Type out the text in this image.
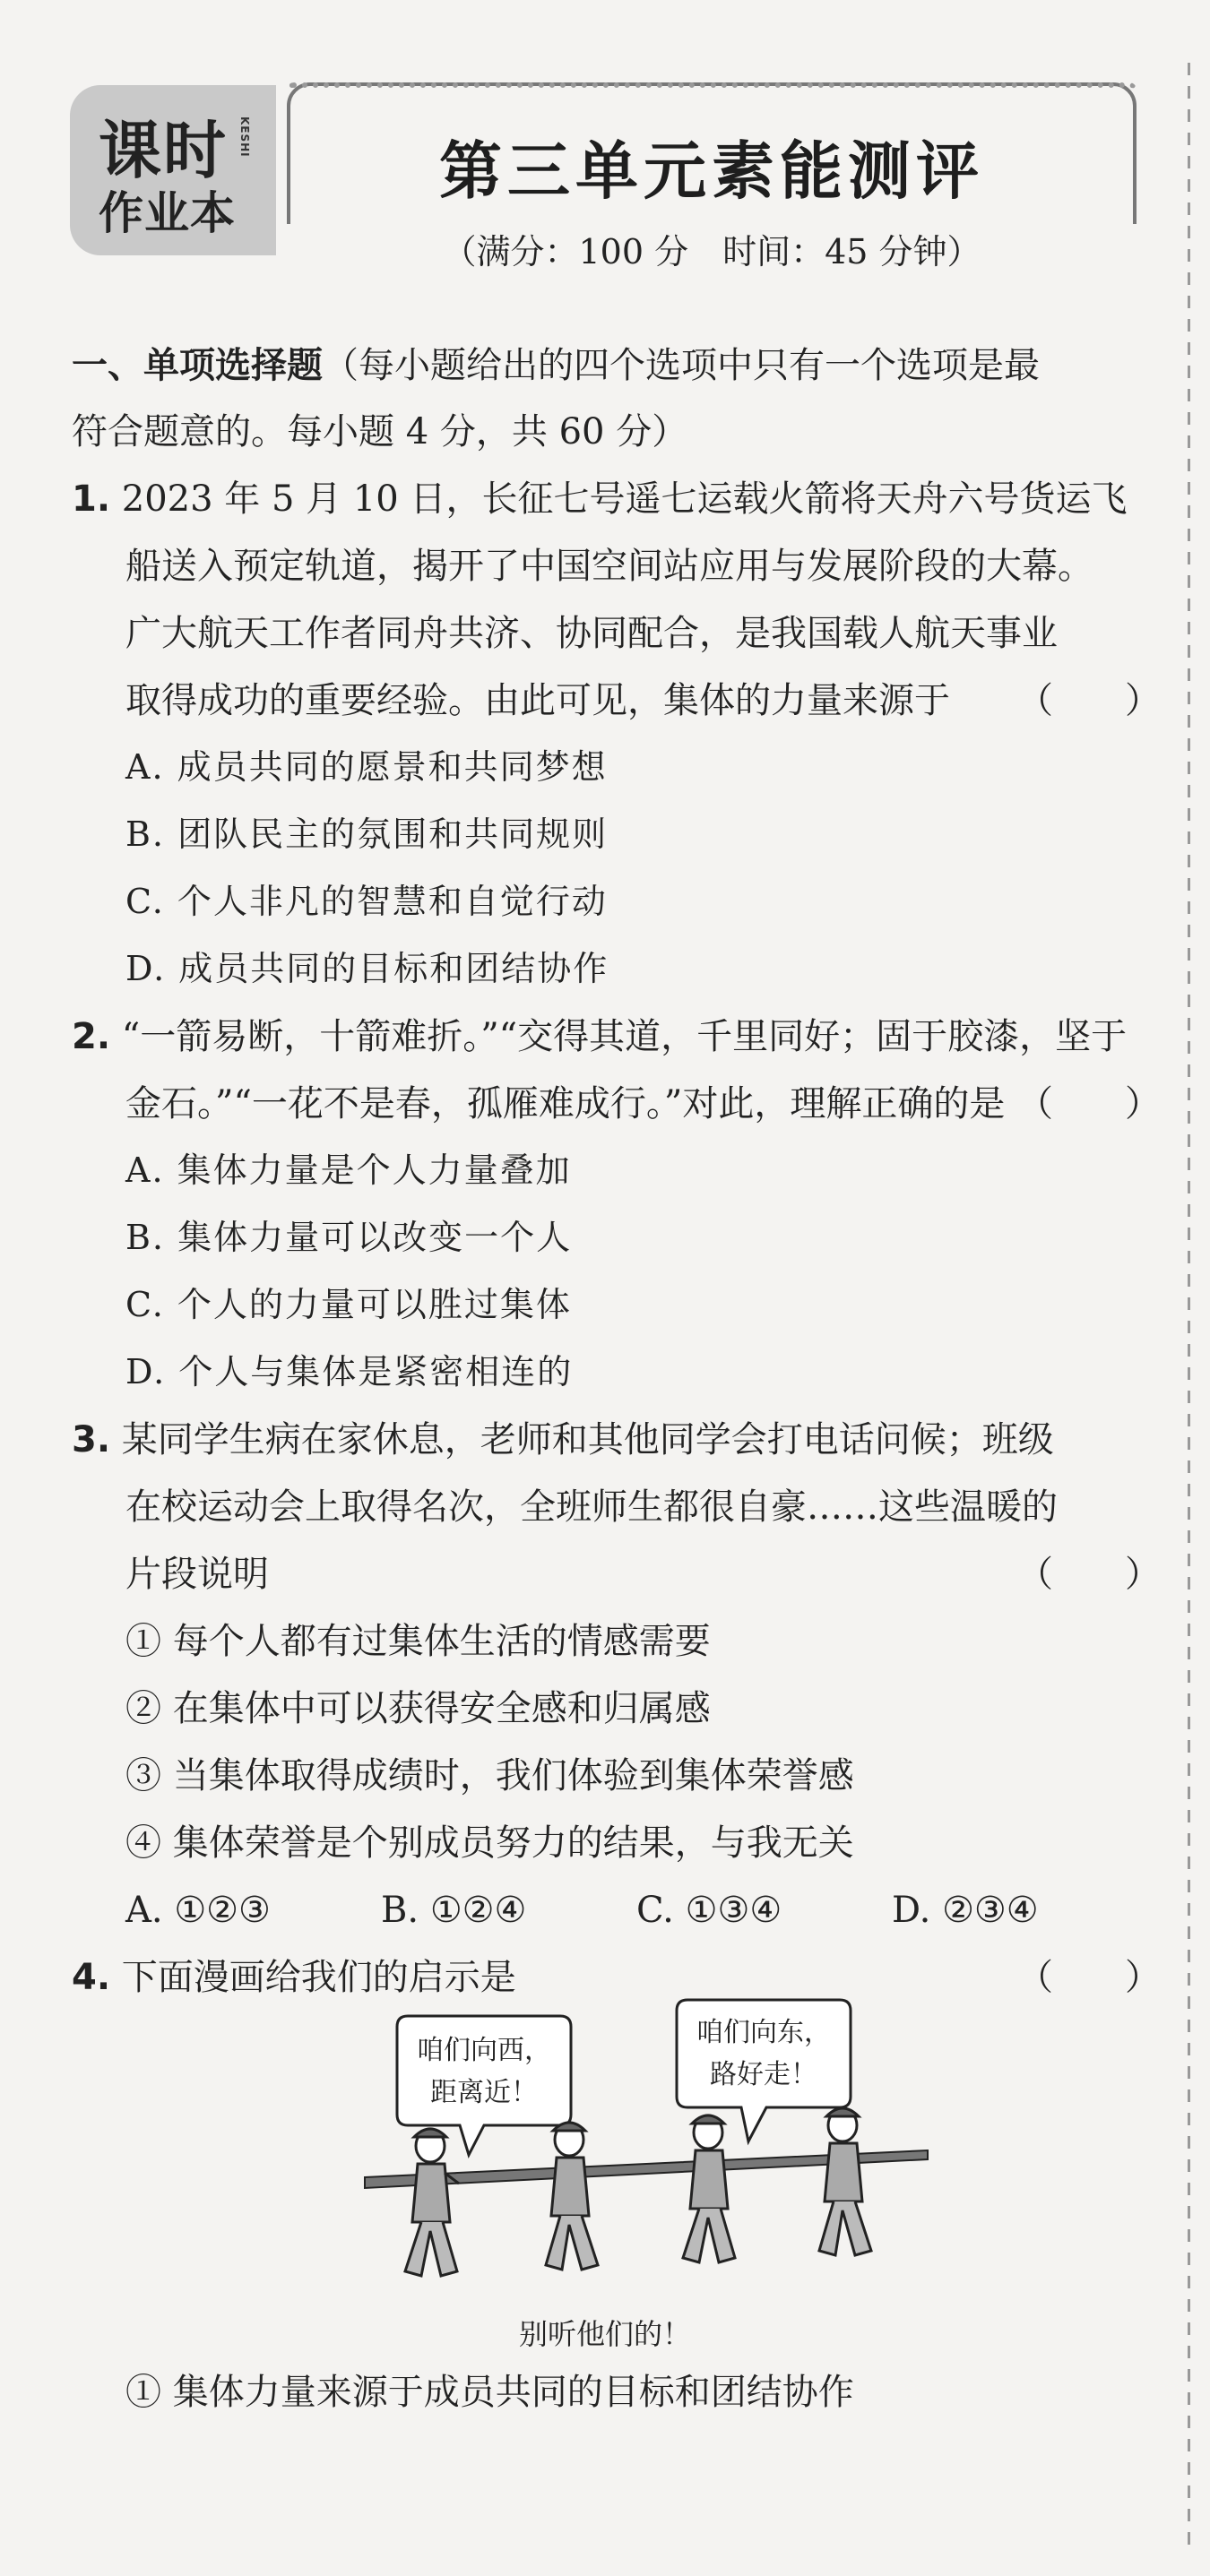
课时 KESHI
作业本
第三单元素能测评
（满分：100 分　时间：45 分钟）
一、单项选择题（每小题给出的四个选项中只有一个选项是最
符合题意的。每小题 4 分，共 60 分）
1. 2023 年 5 月 10 日，长征七号遥七运载火箭将天舟六号货运飞
船送入预定轨道，揭开了中国空间站应用与发展阶段的大幕。
广大航天工作者同舟共济、协同配合，是我国载人航天事业
取得成功的重要经验。由此可见，集体的力量来源于 （　　）
A. 成员共同的愿景和共同梦想
B. 团队民主的氛围和共同规则
C. 个人非凡的智慧和自觉行动
D. 成员共同的目标和团结协作
2. “一箭易断，十箭难折。”“交得其道，千里同好；固于胶漆，坚于
金石。”“一花不是春，孤雁难成行。”对此，理解正确的是 （　　）
A. 集体力量是个人力量叠加
B. 集体力量可以改变一个人
C. 个人的力量可以胜过集体
D. 个人与集体是紧密相连的
3. 某同学生病在家休息，老师和其他同学会打电话问候；班级
在校运动会上取得名次，全班师生都很自豪……这些温暖的
片段说明	（　　）
① 每个人都有过集体生活的情感需要
② 在集体中可以获得安全感和归属感
③ 当集体取得成绩时，我们体验到集体荣誉感
④ 集体荣誉是个别成员努力的结果，与我无关
A. ①②③	B. ①②④	C. ①③④	D. ②③④
4. 下面漫画给我们的启示是	（　　）
咱们向西，
距离近！
咱们向东，
路好走！
别听他们的！
① 集体力量来源于成员共同的目标和团结协作
